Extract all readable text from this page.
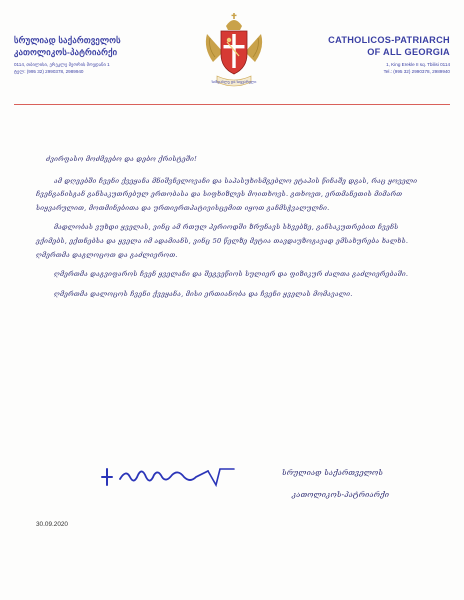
სრულიად საქართველოს

კათოლიკოს-პატრიარქი

0114, თბილისი, ერეკლე მეორის მოედანი 1

ტელ: (995 32) 2990378, 2989940

სიმდაბლე და სიყვარული

CATHOLICOS-PATRIARCH

OF ALL GEORGIA

1, King Erekle II sq. Tbilisi 0114

Tel.: (995 32) 2990378, 2989940

ძვირფასო მოძმეებო და დებო ქრისტეში!

ამ დღეებში ჩვენი ქვეყანა მნიშვნელოვანი და საპასუხისმგებლო ეტაპის წინაშე დგას, რაც ყოველი ჩვენგანისგან განსაკუთრებულ ერთობასა და სიფხიზლეს მოითხოვს. გთხოვთ, ერთმანეთის მიმართ სიყვარულით, მოთმინებითა და ურთიერთპატივისცემით იყოთ განმსჭვალულნი.

მადლობას ვუხდი ყველას, ვინც ამ რთულ პერიოდში ზრუნავს სხვებზე, განსაკუთრებით ჩვენს ექიმებს, ექთნებსა და ყველა იმ ადამიანს, ვინც 50 წელზე მეტია თავდაუზოგავად ემსახურება ხალხს. ღმერთმა დაგლოცოთ და გაძლიეროთ.

ღმერთმა დაგვიფაროს ჩვენ ყველანი და შეგვეწიოს სულიერ და ფიზიკურ ძალთა გაძლიერებაში.

ღმერთმა დალოცოს ჩვენი ქვეყანა, მისი ერთიანობა და ჩვენი ყველას მომავალი.

სრულიად საქართველოს
კათოლიკოს-პატრიარქი
30.09.2020
